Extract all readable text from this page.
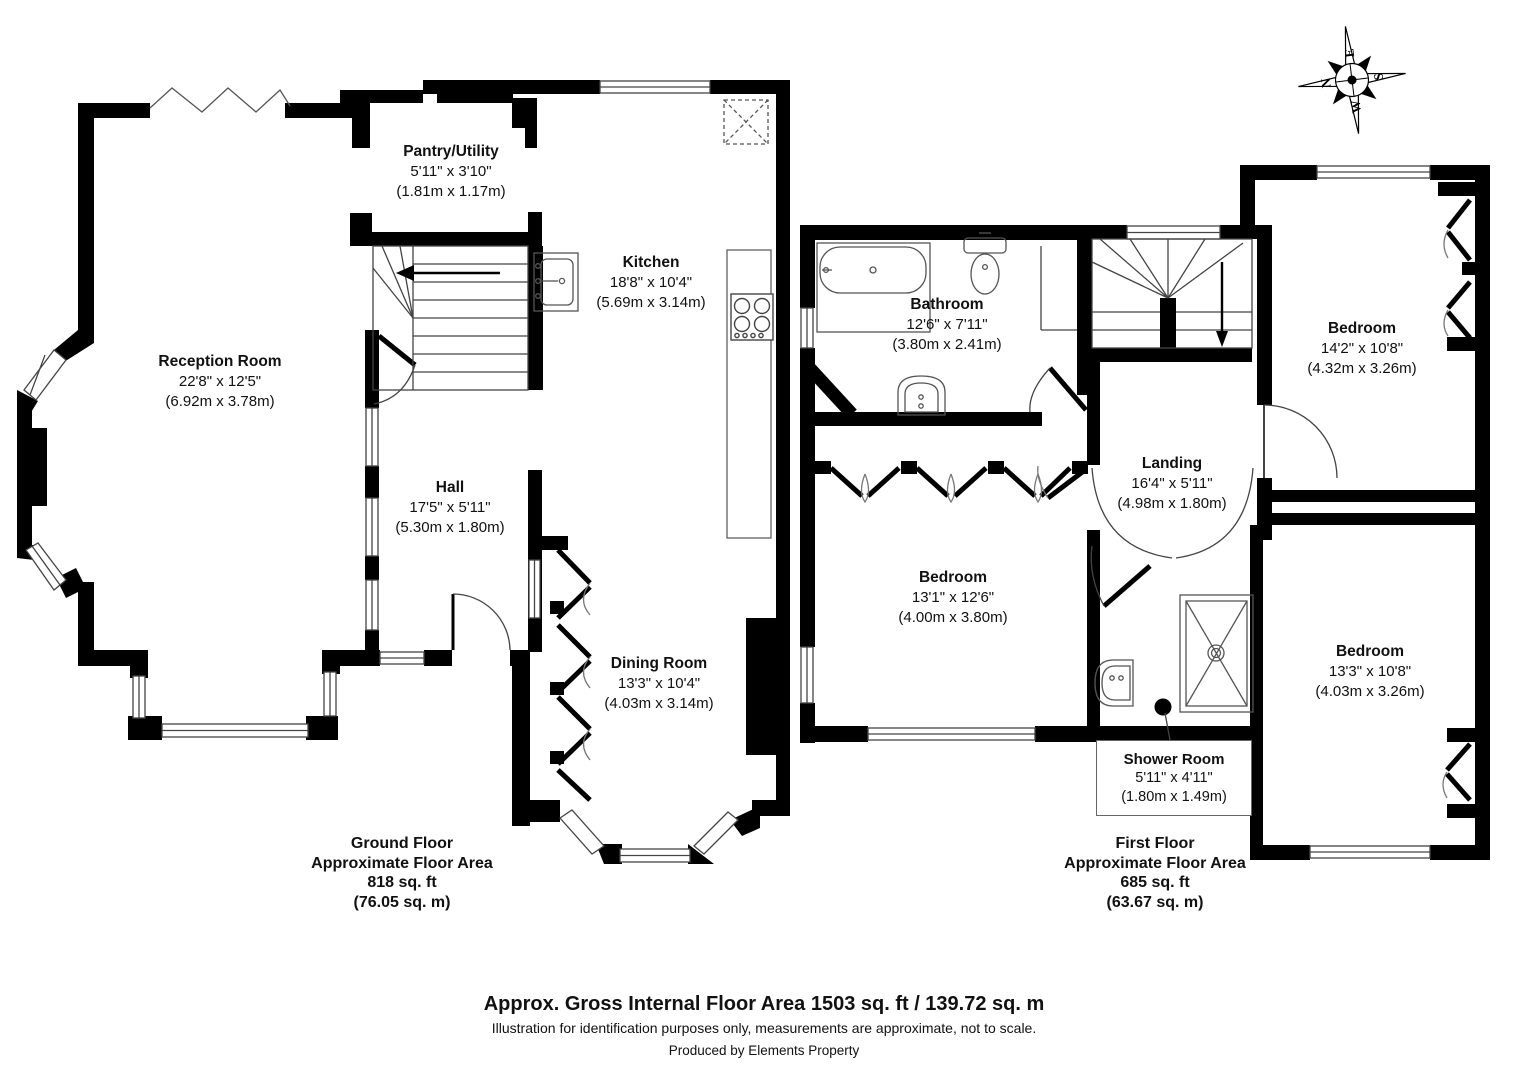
N
E
S
W
Pantry/Utility
5'11" x 3'10"
(1.81m x 1.17m)
Kitchen
18'8" x 10'4"
(5.69m x 3.14m)
Reception Room
22'8" x 12'5"
(6.92m x 3.78m)
Hall
17'5" x 5'11"
(5.30m x 1.80m)
Dining Room
13'3" x 10'4"
(4.03m x 3.14m)
Bathroom
12'6" x 7'11"
(3.80m x 2.41m)
Landing
16'4" x 5'11"
(4.98m x 1.80m)
Bedroom
14'2" x 10'8"
(4.32m x 3.26m)
Bedroom
13'1" x 12'6"
(4.00m x 3.80m)
Bedroom
13'3" x 10'8"
(4.03m x 3.26m)
Shower Room
5'11" x 4'11"
(1.80m x 1.49m)
Ground Floor
Approximate Floor Area
818 sq. ft
(76.05 sq. m)
First Floor
Approximate Floor Area
685 sq. ft
(63.67 sq. m)
Approx. Gross Internal Floor Area 1503 sq. ft / 139.72 sq. m
Illustration for identification purposes only, measurements are approximate, not to scale.
Produced by Elements Property
